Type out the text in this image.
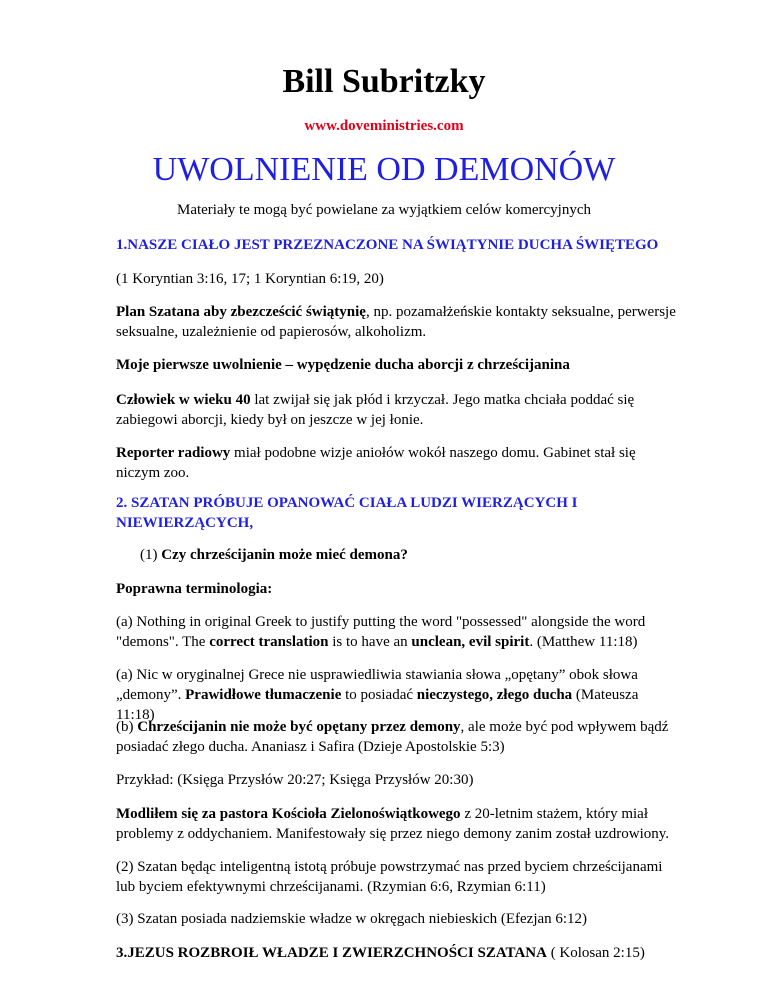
Bill Subritzky
www.doveministries.com
UWOLNIENIE OD DEMONÓW
Materiały te mogą być powielane za wyjątkiem celów komercyjnych
1.NASZE CIAŁO JEST PRZEZNACZONE NA ŚWIĄTYNIE DUCHA ŚWIĘTEGO
(1 Koryntian 3:16, 17; 1 Koryntian 6:19, 20)
Plan Szatana aby zbezcześcić świątynię, np. pozamałżeńskie kontakty seksualne, perwersje seksualne, uzależnienie od papierosów, alkoholizm.
Moje pierwsze uwolnienie – wypędzenie ducha aborcji z chrześcijanina
Człowiek w wieku 40 lat zwijał się jak płód i krzyczał. Jego matka chciała poddać się zabiegowi aborcji, kiedy był on jeszcze w jej łonie.
Reporter radiowy miał podobne wizje aniołów wokół naszego domu. Gabinet stał się niczym zoo.
2. SZATAN PRÓBUJE OPANOWAĆ CIAŁA LUDZI WIERZĄCYCH I NIEWIERZĄCYCH,
(1) Czy chrześcijanin może mieć demona?
Poprawna terminologia:
(a) Nothing in original Greek to justify putting the word "possessed" alongside the word "demons". The correct translation is to have an unclean, evil spirit. (Matthew 11:18)
(a) Nic w oryginalnej Grece nie usprawiedliwia stawiania słowa „opętany” obok słowa „demony”. Prawidłowe tłumaczenie to posiadać nieczystego, złego ducha (Mateusza 11:18)
(b) Chrześcijanin nie może być opętany przez demony, ale może być pod wpływem bądź posiadać złego ducha. Ananiasz i Safira (Dzieje Apostolskie 5:3)
Przykład: (Księga Przysłów 20:27; Księga Przysłów 20:30)
Modliłem się za pastora Kościoła Zielonoświątkowego z 20-letnim stażem, który miał problemy z oddychaniem. Manifestowały się przez niego demony zanim został uzdrowiony.
(2) Szatan będąc inteligentną istotą próbuje powstrzymać nas przed byciem chrześcijanami lub byciem efektywnymi chrześcijanami. (Rzymian 6:6, Rzymian 6:11)
(3) Szatan posiada nadziemskie władze w okręgach niebieskich (Efezjan 6:12)
3.JEZUS ROZBROIŁ WŁADZE I ZWIERZCHNOŚCI SZATANA ( Kolosan 2:15)
